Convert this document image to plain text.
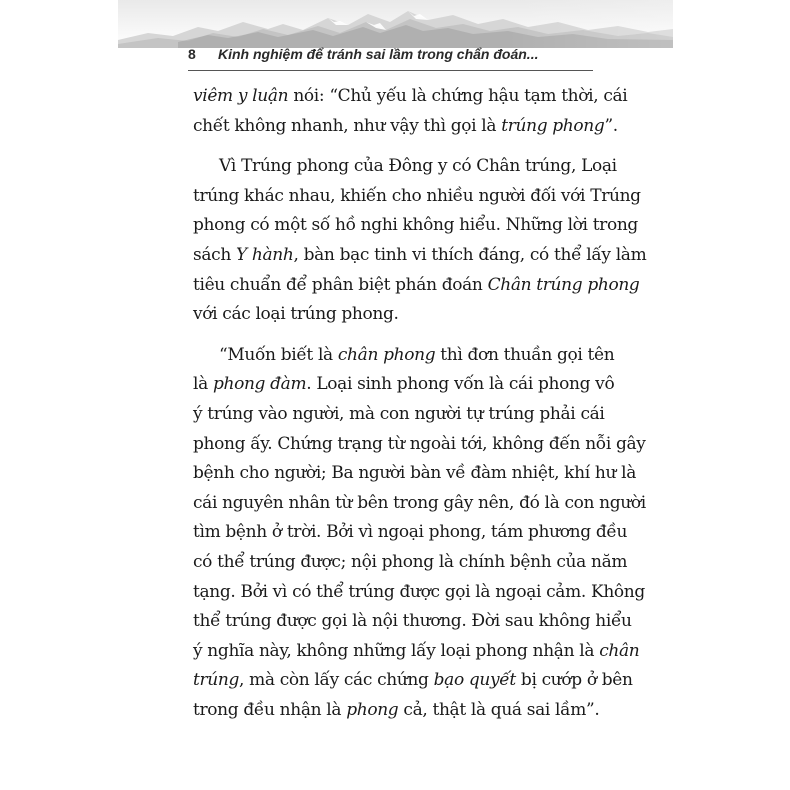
8 Kinh nghiệm để tránh sai lầm trong chẩn đoán...
viêm y luận nói: “Chủ yếu là chứng hậu tạm thời, cái
chết không nhanh, như vậy thì gọi là trúng phong”.
Vì Trúng phong của Đông y có Chân trúng, Loại
trúng khác nhau, khiến cho nhiều người đối với Trúng
phong có một số hồ nghi không hiểu. Những lời trong
sách Y hành, bàn bạc tinh vi thích đáng, có thể lấy làm
tiêu chuẩn để phân biệt phán đoán Chân trúng phong
với các loại trúng phong.
“Muốn biết là chân phong thì đơn thuần gọi tên
là phong đàm. Loại sinh phong vốn là cái phong vô
ý trúng vào người, mà con người tự trúng phải cái
phong ấy. Chứng trạng từ ngoài tới, không đến nỗi gây
bệnh cho người; Ba người bàn về đàm nhiệt, khí hư là
cái nguyên nhân từ bên trong gây nên, đó là con người
tìm bệnh ở trời. Bởi vì ngoại phong, tám phương đều
có thể trúng được; nội phong là chính bệnh của năm
tạng. Bởi vì có thể trúng được gọi là ngoại cảm. Không
thể trúng được gọi là nội thương. Đời sau không hiểu
ý nghĩa này, không những lấy loại phong nhận là chân
trúng, mà còn lấy các chứng bạo quyết bị cướp ở bên
trong đều nhận là phong cả, thật là quá sai lầm”.
